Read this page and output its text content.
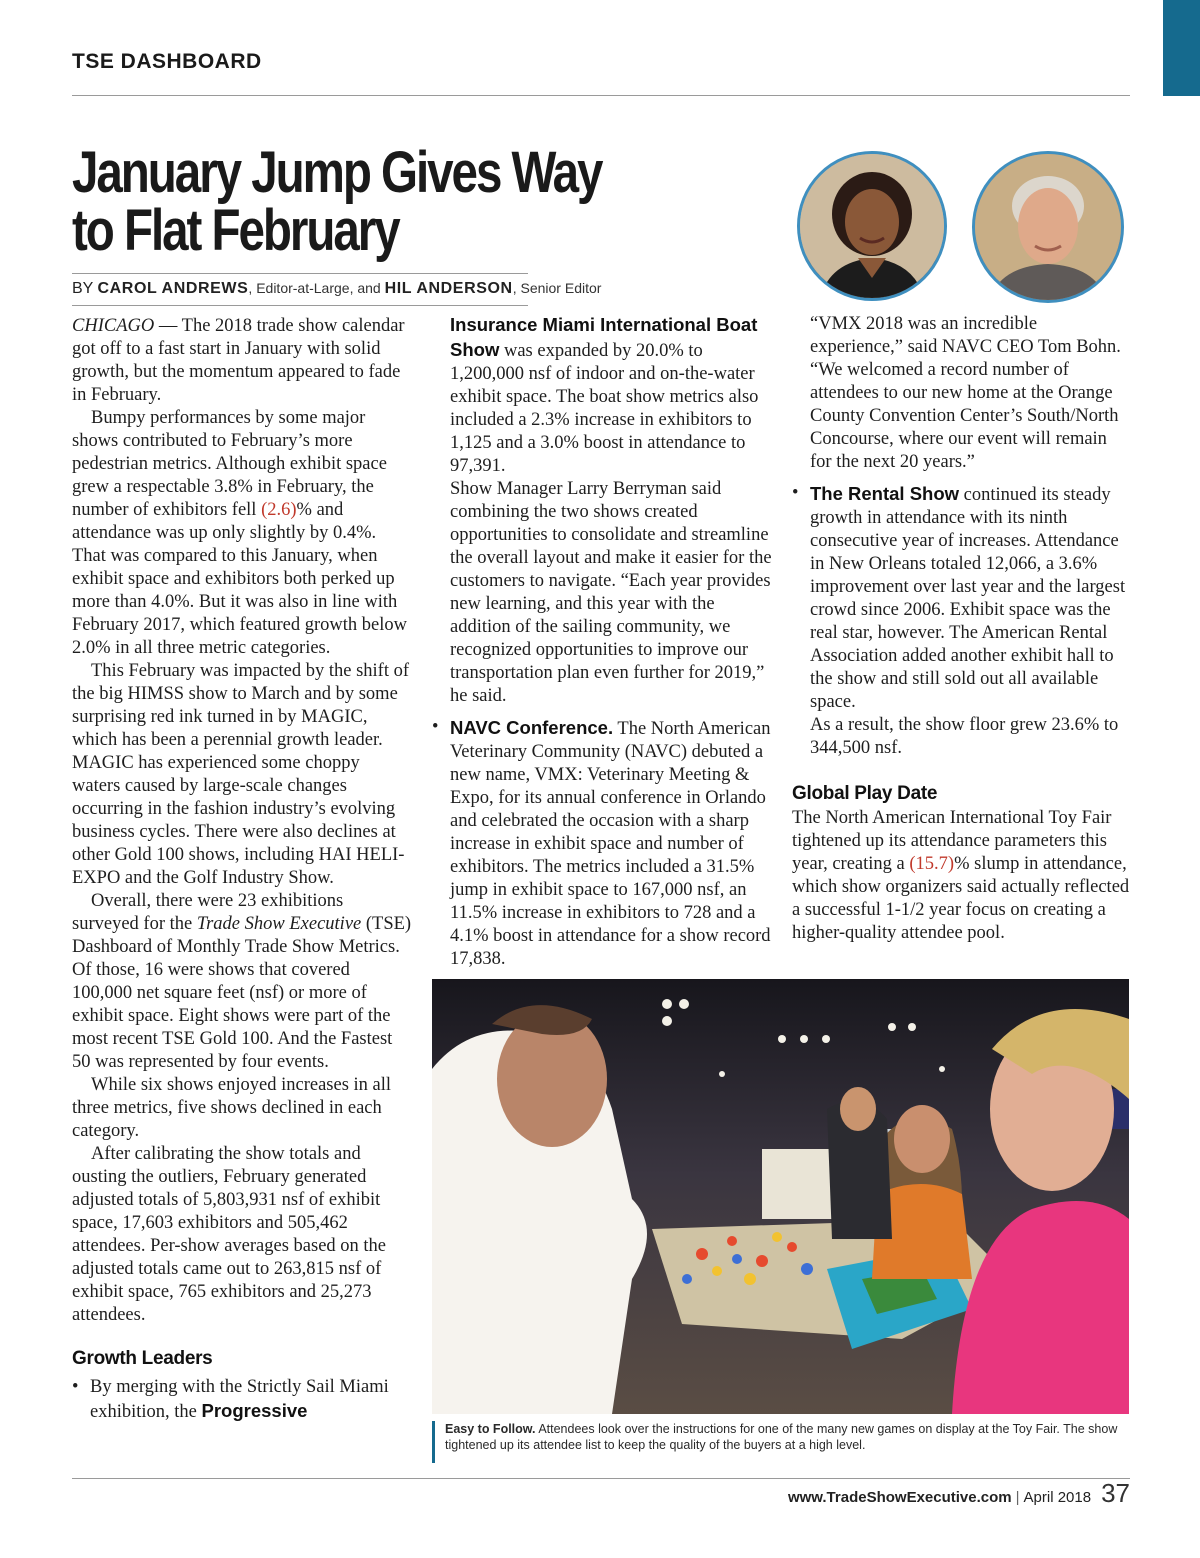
TSE DASHBOARD
January Jump Gives Way
to Flat February
BY CAROL ANDREWS, Editor-at-Large, and HIL ANDERSON, Senior Editor

CHICAGO — The 2018 trade show calendar got off to a fast start in January with solid growth, but the momentum appeared to fade in February.

Bumpy performances by some major shows contributed to February’s more pedestrian metrics. Although exhibit space grew a respectable 3.8% in February, the number of exhibitors fell (2.6)% and attendance was up only slightly by 0.4%. That was compared to this January, when exhibit space and exhibitors both perked up more than 4.0%. But it was also in line with February 2017, which featured growth below 2.0% in all three metric categories.

This February was impacted by the shift of the big HIMSS show to March and by some surprising red ink turned in by MAGIC, which has been a perennial growth leader. MAGIC has experienced some choppy waters caused by large-scale changes occurring in the fashion industry’s evolving business cycles. There were also declines at other Gold 100 shows, including HAI HELI-EXPO and the Golf Industry Show.

Overall, there were 23 exhibitions surveyed for the Trade Show Executive (TSE) Dashboard of Monthly Trade Show Metrics. Of those, 16 were shows that covered 100,000 net square feet (nsf) or more of exhibit space. Eight shows were part of the most recent TSE Gold 100. And the Fastest 50 was represented by four events.

While six shows enjoyed increases in all three metrics, five shows declined in each category.

After calibrating the show totals and ousting the outliers, February generated adjusted totals of 5,803,931 nsf of exhibit space, 17,603 exhibitors and 505,462 attendees. Per-show averages based on the adjusted totals came out to 263,815 nsf of exhibit space, 765 exhibitors and 25,273 attendees.

Growth Leaders

• By merging with the Strictly Sail Miami exhibition, the Progressive

Insurance Miami International Boat Show was expanded by 20.0% to 1,200,000 nsf of indoor and on-the-water exhibit space. The boat show metrics also included a 2.3% increase in exhibitors to 1,125 and a 3.0% boost in attendance to 97,391.

Show Manager Larry Berryman said combining the two shows created opportunities to consolidate and streamline the overall layout and make it easier for the customers to navigate. “Each year provides new learning, and this year with the addition of the sailing community, we recognized opportunities to improve our transportation plan even further for 2019,” he said.

• NAVC Conference. The North American Veterinary Community (NAVC) debuted a new name, VMX: Veterinary Meeting & Expo, for its annual conference in Orlando and celebrated the occasion with a sharp increase in exhibit space and number of exhibitors. The metrics included a 31.5% jump in exhibit space to 167,000 nsf, an 11.5% increase in exhibitors to 728 and a 4.1% boost in attendance for a show record 17,838.

“VMX 2018 was an incredible experience,” said NAVC CEO Tom Bohn. “We welcomed a record number of attendees to our new home at the Orange County Convention Center’s South/North Concourse, where our event will remain for the next 20 years.”

• The Rental Show continued its steady growth in attendance with its ninth consecutive year of increases. Attendance in New Orleans totaled 12,066, a 3.6% improvement over last year and the largest crowd since 2006. Exhibit space was the real star, however. The American Rental Association added another exhibit hall to the show and still sold out all available space.

As a result, the show floor grew 23.6% to 344,500 nsf.

Global Play Date

The North American International Toy Fair tightened up its attendance parameters this year, creating a (15.7)% slump in attendance, which show organizers said actually reflected a successful 1-1/2 year focus on creating a higher-quality attendee pool.

Easy to Follow. Attendees look over the instructions for one of the many new games on display at the Toy Fair. The show tightened up its attendee list to keep the quality of the buyers at a high level.
www.TradeShowExecutive.com | April 2018 37
